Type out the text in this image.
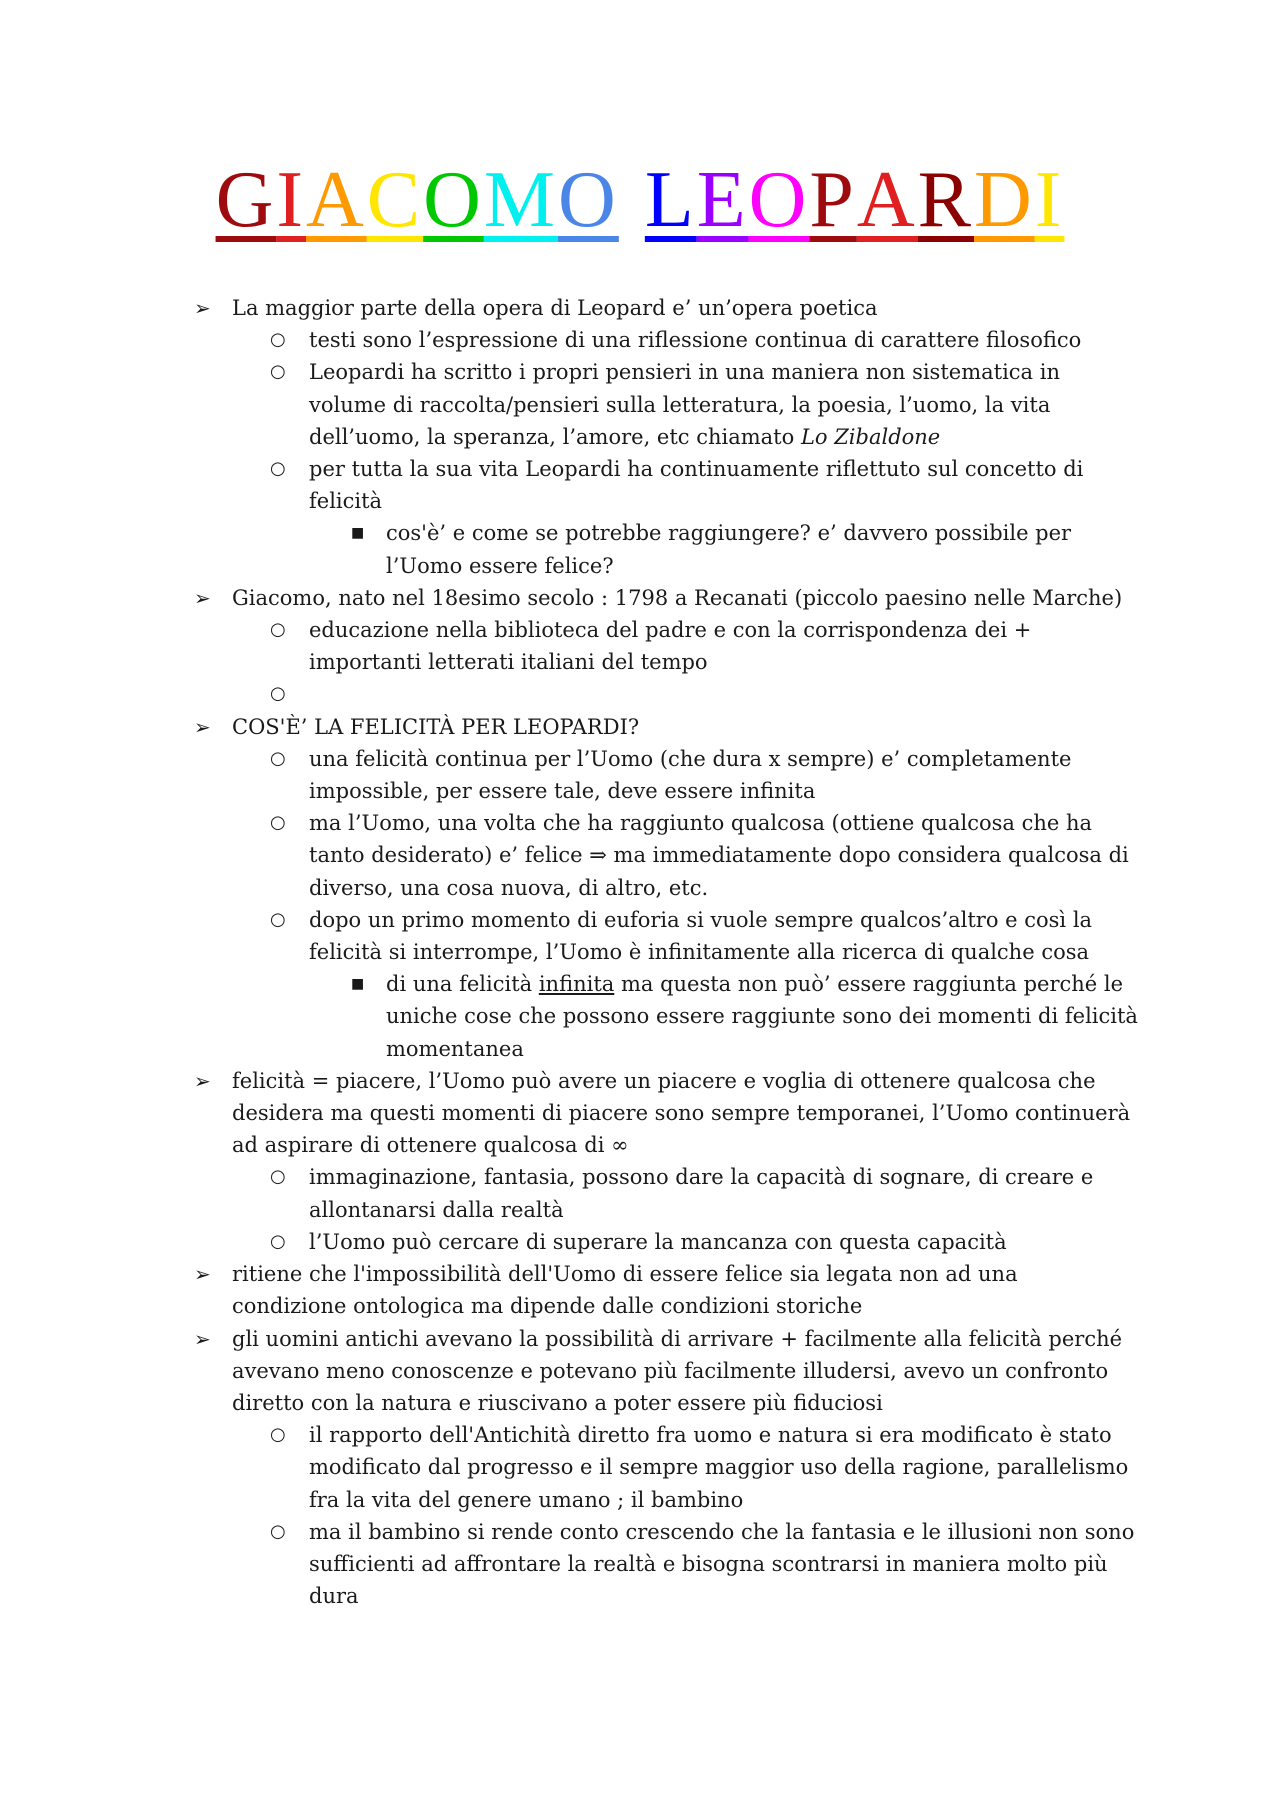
GIACOMO LEOPARDI
➢ La maggior parte della opera di Leopard e’ un’opera poetica
○ testi sono l’espressione di una riflessione continua di carattere filosofico
○ Leopardi ha scritto i propri pensieri in una maniera non sistematica in volume di raccolta/pensieri sulla letteratura, la poesia, l’uomo, la vita dell’uomo, la speranza, l’amore, etc chiamato Lo Zibaldone
○ per tutta la sua vita Leopardi ha continuamente riflettuto sul concetto di felicità
■ cos'è’ e come se potrebbe raggiungere? e’ davvero possibile per l’Uomo essere felice?
➢ Giacomo, nato nel 18esimo secolo : 1798 a Recanati (piccolo paesino nelle Marche)
○ educazione nella biblioteca del padre e con la corrispondenza dei + importanti letterati italiani del tempo
○

➢ COS'È’ LA FELICITÀ PER LEOPARDI?
○ una felicità continua per l’Uomo (che dura x sempre) e’ completamente impossible, per essere tale, deve essere infinita
○ ma l’Uomo, una volta che ha raggiunto qualcosa (ottiene qualcosa che ha tanto desiderato) e’ felice ⇒ ma immediatamente dopo considera qualcosa di diverso, una cosa nuova, di altro, etc.
○ dopo un primo momento di euforia si vuole sempre qualcos’altro e così la felicità si interrompe, l’Uomo è infinitamente alla ricerca di qualche cosa
■ di una felicità infinita ma questa non può’ essere raggiunta perché le uniche cose che possono essere raggiunte sono dei momenti di felicità momentanea
➢ felicità = piacere, l’Uomo può avere un piacere e voglia di ottenere qualcosa che desidera ma questi momenti di piacere sono sempre temporanei, l’Uomo continuerà ad aspirare di ottenere qualcosa di ∞
○ immaginazione, fantasia, possono dare la capacità di sognare, di creare e allontanarsi dalla realtà
○ l’Uomo può cercare di superare la mancanza con questa capacità
➢ ritiene che l'impossibilità dell'Uomo di essere felice sia legata non ad una condizione ontologica ma dipende dalle condizioni storiche
➢ gli uomini antichi avevano la possibilità di arrivare + facilmente alla felicità perché avevano meno conoscenze e potevano più facilmente illudersi, avevo un confronto diretto con la natura e riuscivano a poter essere più fiduciosi
○ il rapporto dell'Antichità diretto fra uomo e natura si era modificato è stato modificato dal progresso e il sempre maggior uso della ragione, parallelismo fra la vita del genere umano ; il bambino
○ ma il bambino si rende conto crescendo che la fantasia e le illusioni non sono sufficienti ad affrontare la realtà e bisogna scontrarsi in maniera molto più dura
